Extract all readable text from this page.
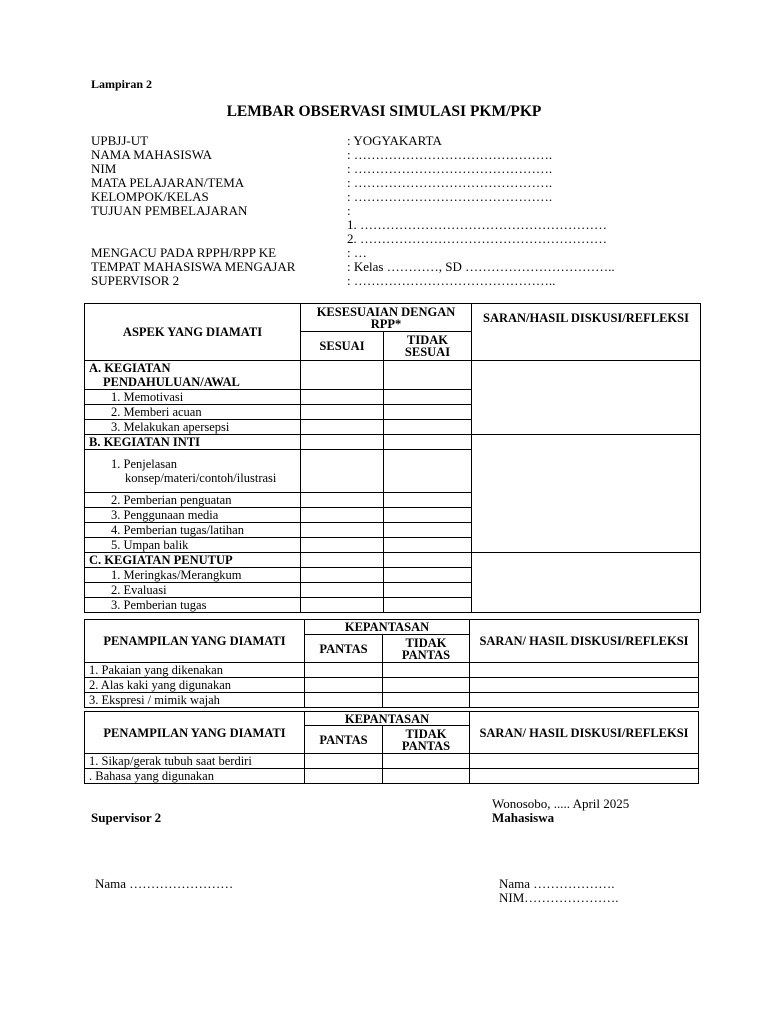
Lampiran 2
LEMBAR OBSERVASI SIMULASI PKM/PKP
UPBJJ-UT	: YOGYAKARTA
NAMA MAHASISWA	: ……………………………………….
NIM	: ……………………………………….
MATA PELAJARAN/TEMA	: ……………………………………….
KELOMPOK/KELAS	: ……………………………………….
TUJUAN PEMBELAJARAN	:
1. …………………………………………………
2. …………………………………………………
MENGACU PADA RPPH/RPP KE	: …
TEMPAT MAHASISWA MENGAJAR	: Kelas …………, SD ……………………………..
SUPERVISOR 2	: ………………………………………..
ASPEK YANG DIAMATI	KESESUAIAN DENGAN RPP*		SARAN/HASIL DISKUSI/REFLEKSI
	SESUAI	TIDAK SESUAI	

A. KEGIATAN PENDAHULUAN/AWAL			

1. Memotivasi			
2. Memberi acuan			
3. Melakukan apersepsi			
B. KEGIATAN INTI			

1. Penjelasan konsep/materi/contoh/ilustrasi			

2. Pemberian penguatan			
3. Penggunaan media			
4. Pemberian tugas/latihan			
5. Umpan balik			
C. KEGIATAN PENUTUP			
1. Meringkas/Merangkum			
2. Evaluasi			
3. Pemberian tugas			
PENAMPILAN YANG DIAMATI	KEPANTASAN		SARAN/ HASIL DISKUSI/REFLEKSI
	PANTAS	TIDAK PANTAS	
1. Pakaian yang dikenakan			
2. Alas kaki yang digunakan			
3. Ekspresi / mimik wajah			
PENAMPILAN YANG DIAMATI	KEPANTASAN		SARAN/ HASIL DISKUSI/REFLEKSI
	PANTAS	TIDAK PANTAS	
1. Sikap/gerak tubuh saat berdiri			
. Bahasa yang digunakan			
Wonosobo, ..... April 2025
Supervisor 2	Mahasiswa
Nama ……………………	Nama ……………….
NIM………………….
